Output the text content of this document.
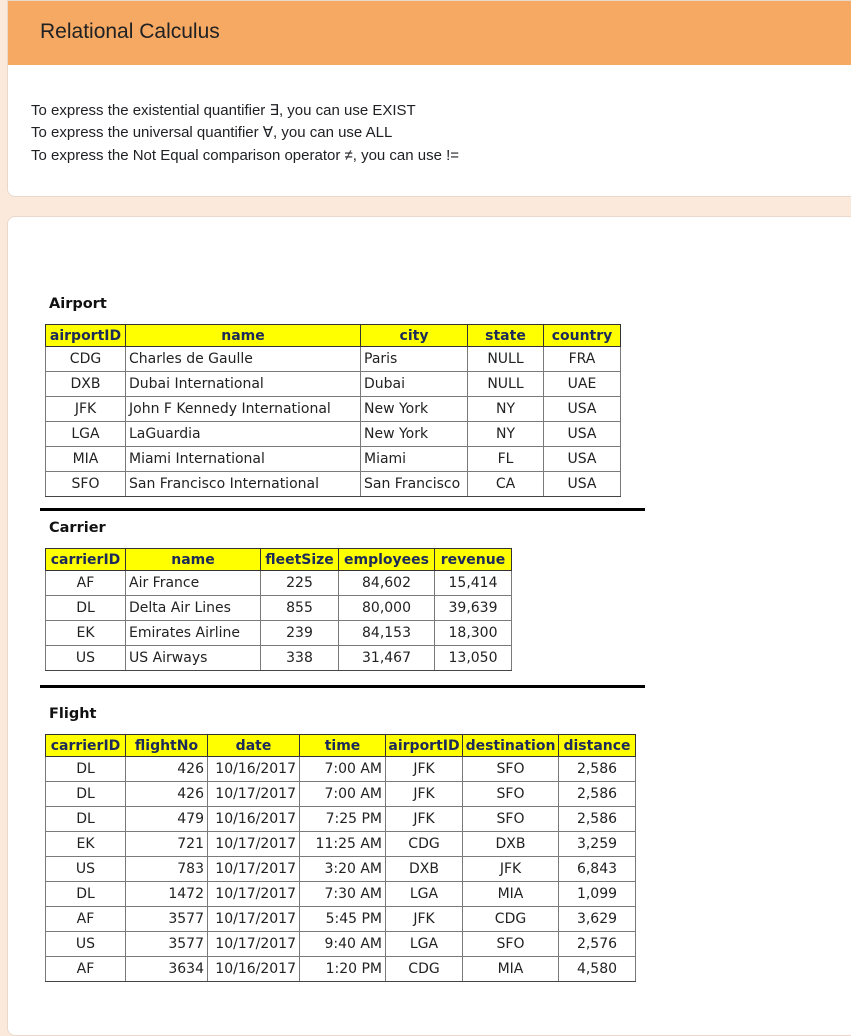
Relational Calculus
To express the existential quantifier ∃, you can use EXIST
To express the universal quantifier ∀, you can use ALL
To express the Not Equal comparison operator ≠, you can use !=
Airport
airportID	name	city	state	country
CDG	Charles de Gaulle	Paris	NULL	FRA
DXB	Dubai International	Dubai	NULL	UAE
JFK	John F Kennedy International	New York	NY	USA
LGA	LaGuardia	New York	NY	USA
MIA	Miami International	Miami	FL	USA
SFO	San Francisco International	San Francisco	CA	USA
Carrier
carrierID	name	fleetSize	employees	revenue
AF	Air France	225	84,602	15,414
DL	Delta Air Lines	855	80,000	39,639
EK	Emirates Airline	239	84,153	18,300
US	US Airways	338	31,467	13,050
Flight
carrierID	flightNo	date	time	airportID	destination	distance
DL	426	10/16/2017	7:00 AM	JFK	SFO	2,586
DL	426	10/17/2017	7:00 AM	JFK	SFO	2,586
DL	479	10/16/2017	7:25 PM	JFK	SFO	2,586
EK	721	10/17/2017	11:25 AM	CDG	DXB	3,259
US	783	10/17/2017	3:20 AM	DXB	JFK	6,843
DL	1472	10/17/2017	7:30 AM	LGA	MIA	1,099
AF	3577	10/17/2017	5:45 PM	JFK	CDG	3,629
US	3577	10/17/2017	9:40 AM	LGA	SFO	2,576
AF	3634	10/16/2017	1:20 PM	CDG	MIA	4,580
